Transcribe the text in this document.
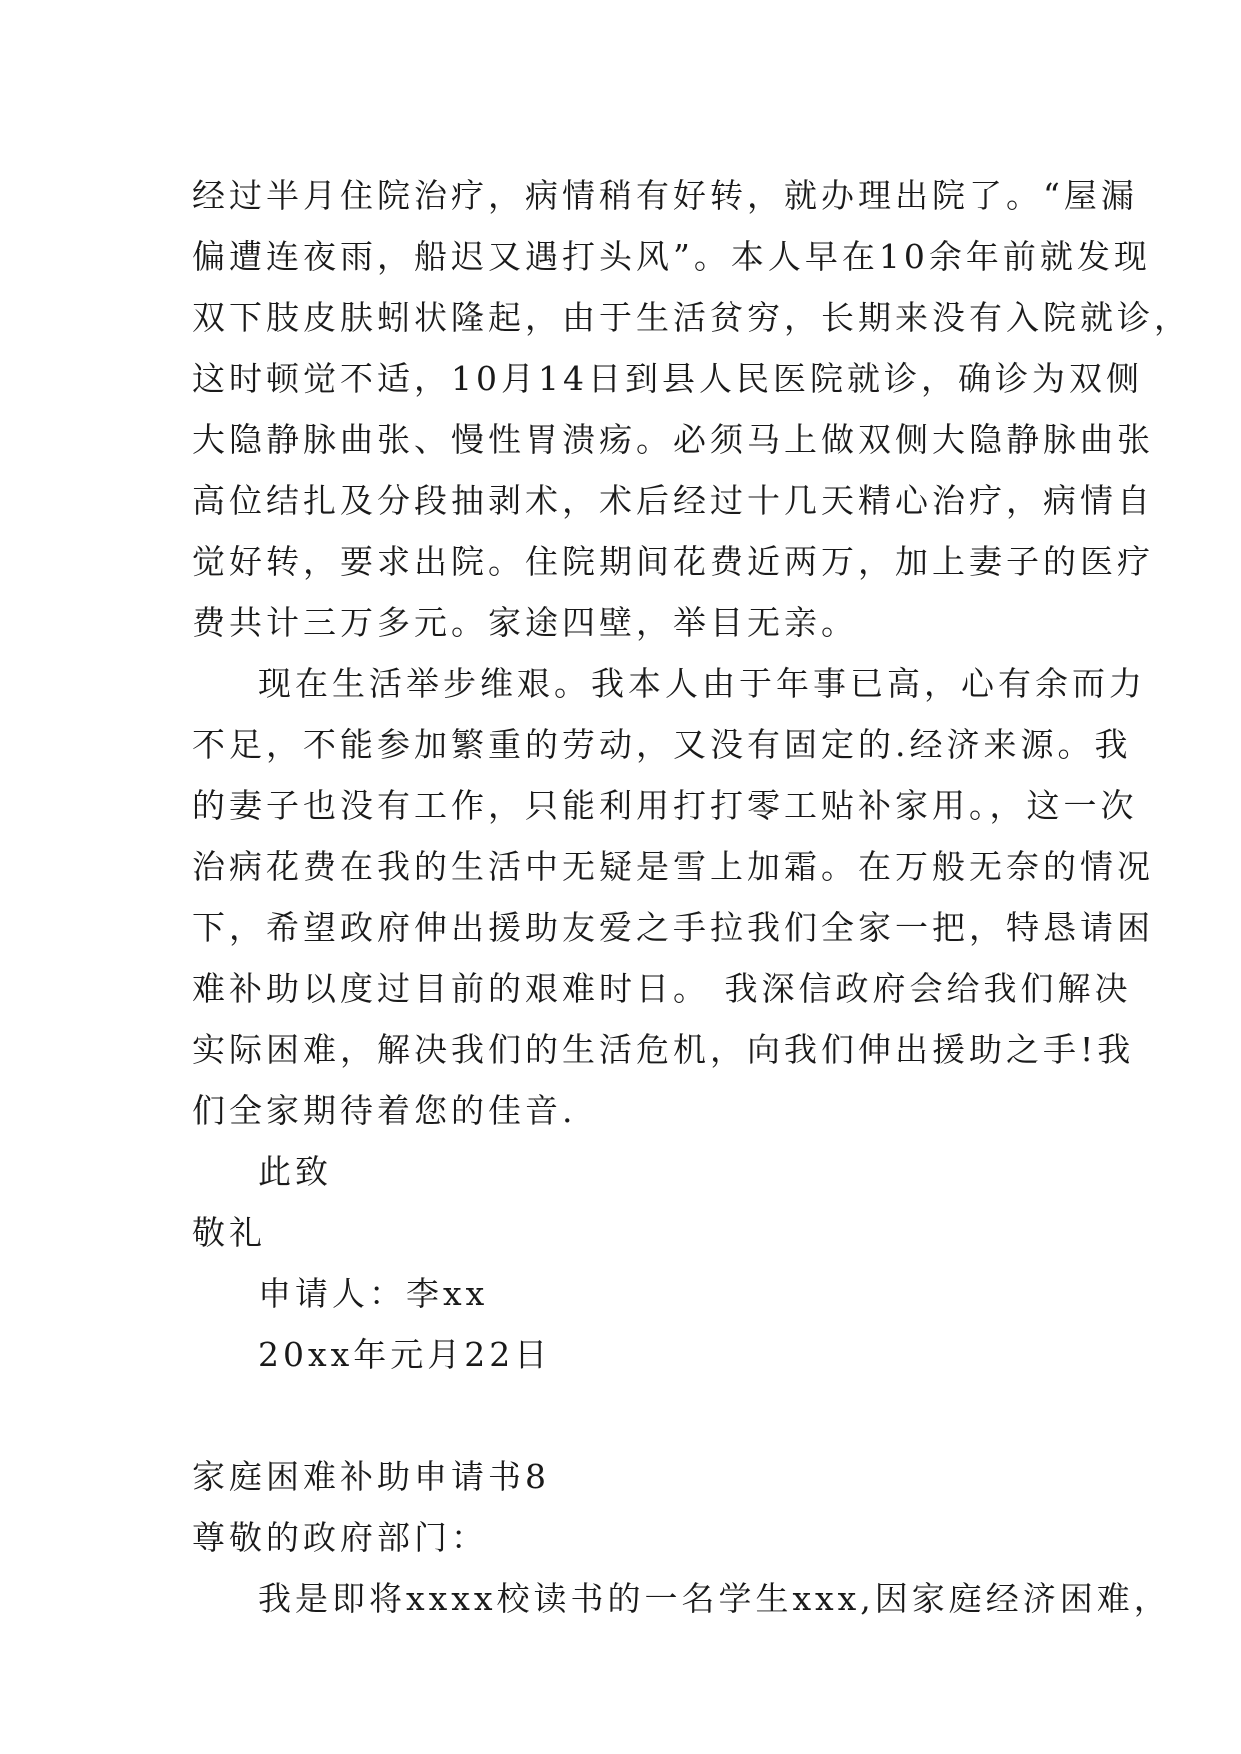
经过半月住院治疗，病情稍有好转，就办理出院了。“屋漏
偏遭连夜雨，船迟又遇打头风”。本人早在10余年前就发现
双下肢皮肤蚓状隆起，由于生活贫穷，长期来没有入院就诊，
这时顿觉不适，10月14日到县人民医院就诊，确诊为双侧
大隐静脉曲张、慢性胃溃疡。必须马上做双侧大隐静脉曲张
高位结扎及分段抽剥术，术后经过十几天精心治疗，病情自
觉好转，要求出院。住院期间花费近两万，加上妻子的医疗
费共计三万多元。家途四壁，举目无亲。
现在生活举步维艰。我本人由于年事已高，心有余而力
不足，不能参加繁重的劳动，又没有固定的.经济来源。我
的妻子也没有工作，只能利用打打零工贴补家用。，这一次
治病花费在我的生活中无疑是雪上加霜。在万般无奈的情况
下，希望政府伸出援助友爱之手拉我们全家一把，特恳请困
难补助以度过目前的艰难时日。 我深信政府会给我们解决
实际困难，解决我们的生活危机，向我们伸出援助之手!我
们全家期待着您的佳音.
此致
敬礼
申请人：李xx
20xx年元月22日
家庭困难补助申请书8
尊敬的政府部门：
我是即将xxxx校读书的一名学生xxx,因家庭经济困难，
